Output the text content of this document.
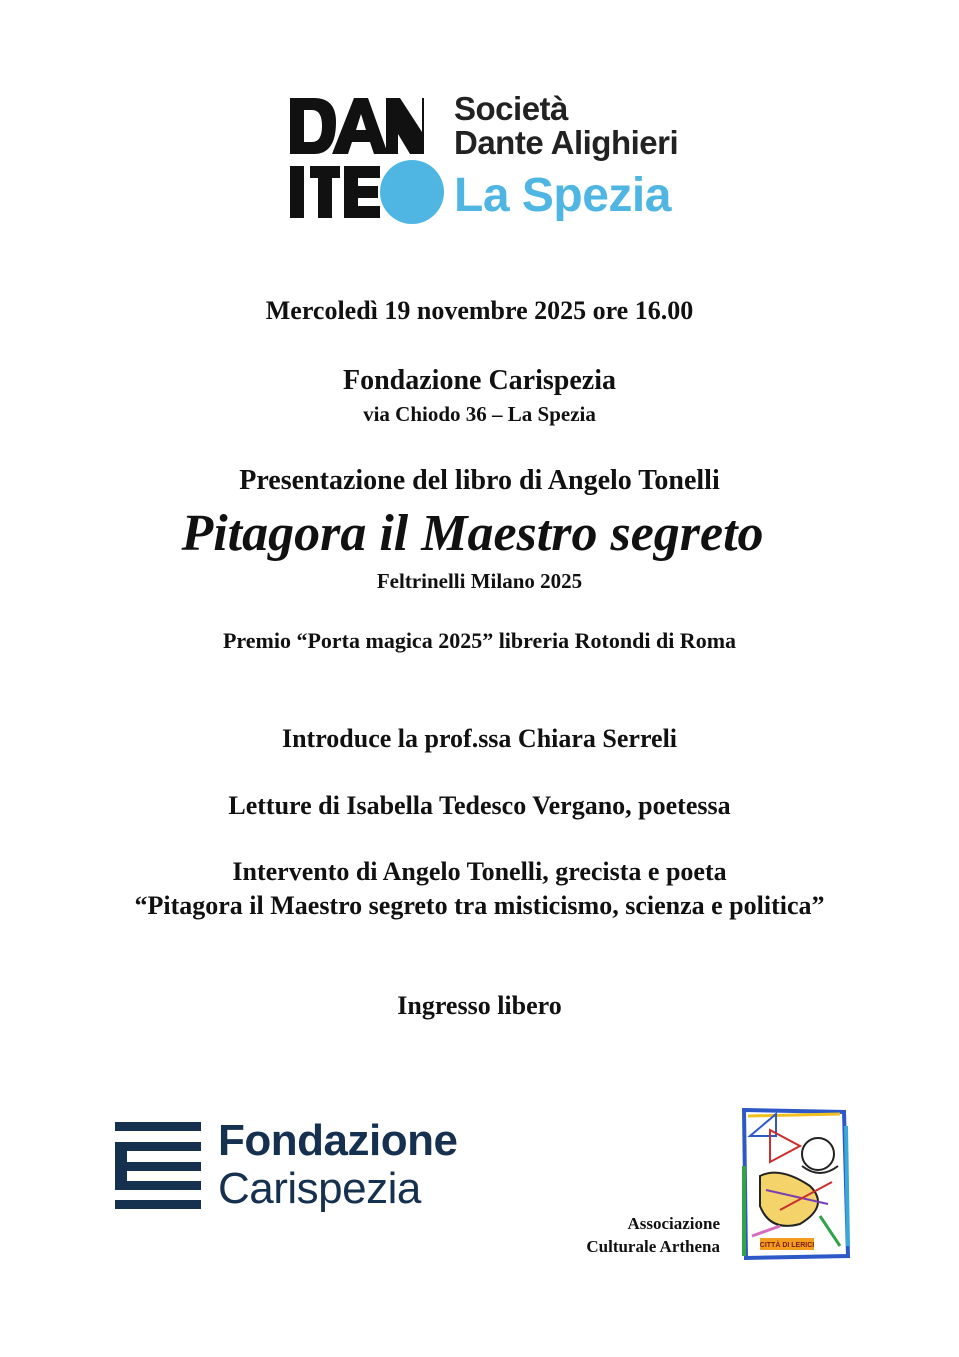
Società
Dante Alighieri
La Spezia
Mercoledì 19 novembre 2025 ore 16.00
Fondazione Carispezia
via Chiodo 36 – La Spezia
Presentazione del libro di Angelo Tonelli
Pitagora il Maestro segreto
Feltrinelli Milano 2025
Premio “Porta magica 2025” libreria Rotondi di Roma
Introduce la prof.ssa Chiara Serreli
Letture di Isabella Tedesco Vergano, poetessa
Intervento di Angelo Tonelli, grecista e poeta
“Pitagora il Maestro segreto tra misticismo, scienza e politica”
Ingresso libero
Fondazione
Carispezia
Associazione
Culturale Arthena	CITTÀ DI LERICI
